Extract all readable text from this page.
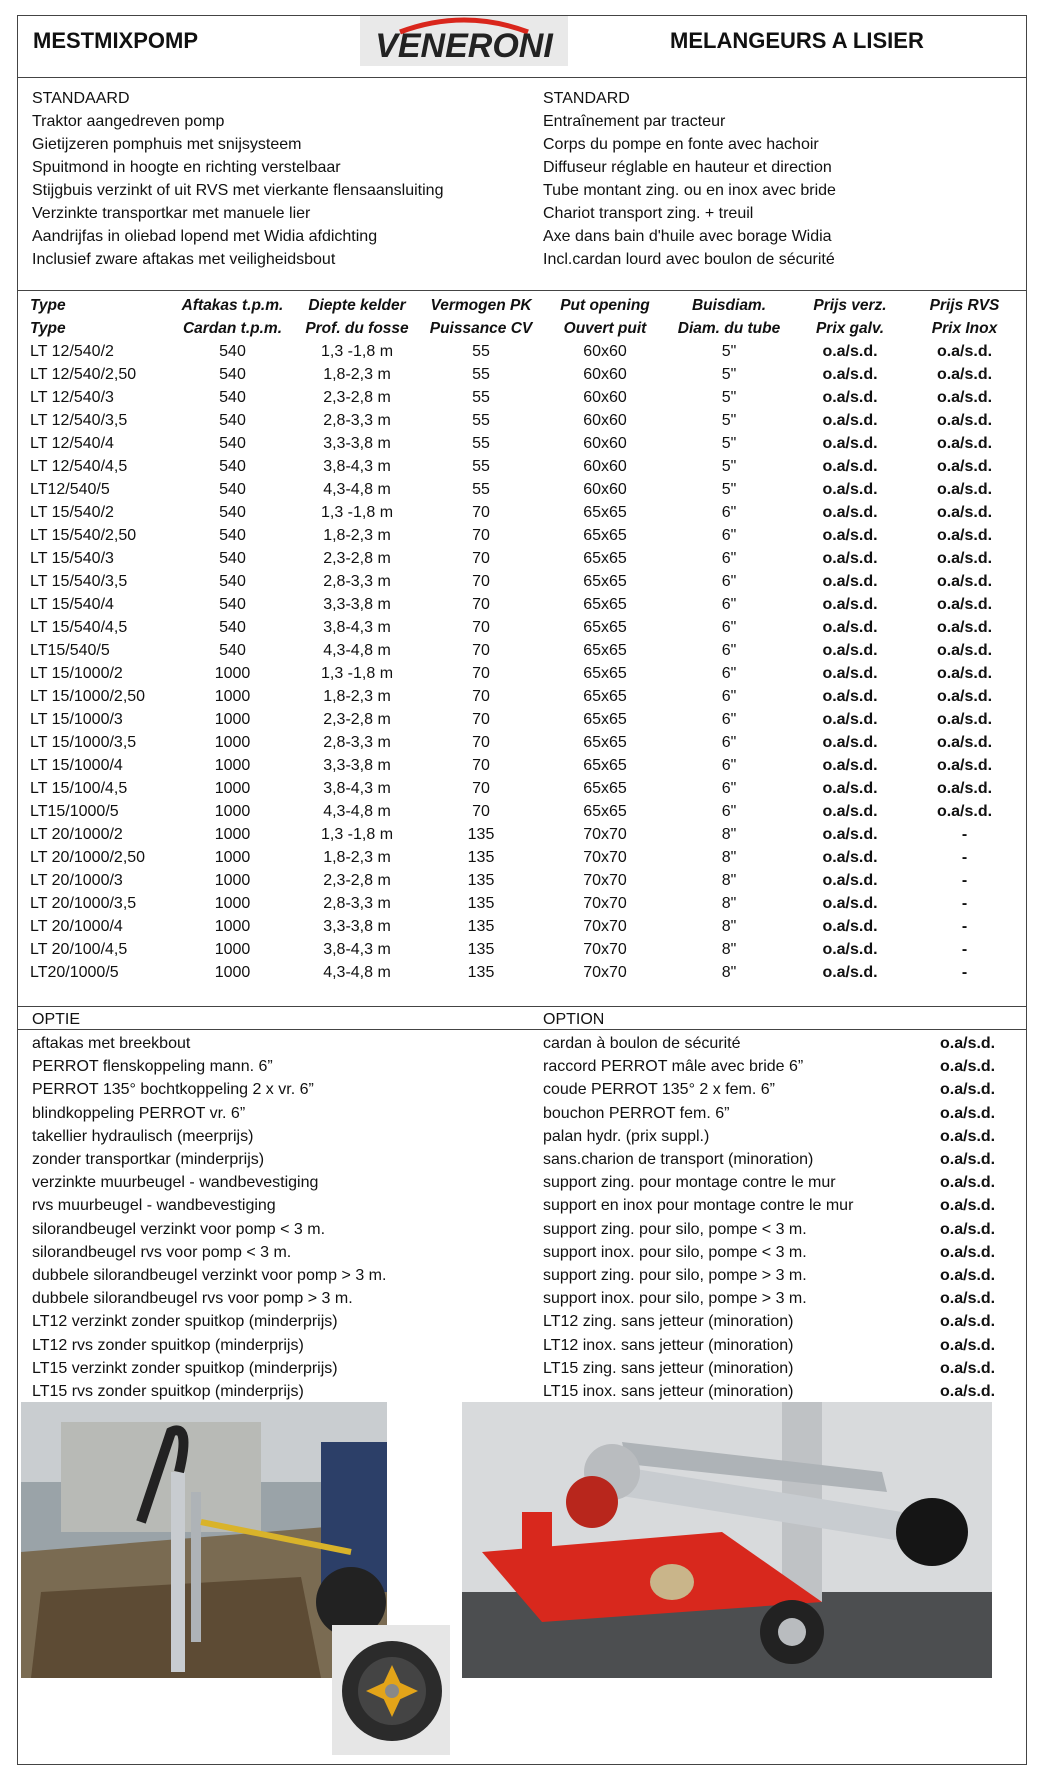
MESTMIXPOMP	VENERONI	MELANGEURS A LISIER
STANDAARD
Traktor aangedreven pomp
Gietijzeren pomphuis met snijsysteem
Spuitmond in hoogte en richting verstelbaar
Stijgbuis verzinkt of uit RVS met vierkante flensaansluiting
Verzinkte transportkar met manuele lier
Aandrijfas in oliebad lopend met Widia afdichting
Inclusief zware aftakas met veiligheidsbout
STANDARD
Entraînement par tracteur
Corps du pompe en fonte avec hachoir
Diffuseur réglable en hauteur et direction
Tube montant zing. ou en inox avec bride
Chariot transport zing. + treuil
Axe dans bain d'huile avec borage Widia
Incl.cardan lourd avec boulon de sécurité
Type	Aftakas t.p.m.	Diepte kelder	Vermogen PK	Put opening	Buisdiam.	Prijs verz.	Prijs RVS
Type	Cardan t.p.m.	Prof. du fosse	Puissance CV	Ouvert puit	Diam. du tube	Prix galv.	Prix Inox
LT 12/540/2	540	1,3 -1,8 m	55	60x60	5"	o.a/s.d.	o.a/s.d.
LT 12/540/2,50	540	1,8-2,3 m	55	60x60	5"	o.a/s.d.	o.a/s.d.
LT 12/540/3	540	2,3-2,8 m	55	60x60	5"	o.a/s.d.	o.a/s.d.
LT 12/540/3,5	540	2,8-3,3 m	55	60x60	5"	o.a/s.d.	o.a/s.d.
LT 12/540/4	540	3,3-3,8 m	55	60x60	5"	o.a/s.d.	o.a/s.d.
LT 12/540/4,5	540	3,8-4,3 m	55	60x60	5"	o.a/s.d.	o.a/s.d.
LT12/540/5	540	4,3-4,8 m	55	60x60	5"	o.a/s.d.	o.a/s.d.
LT 15/540/2	540	1,3 -1,8 m	70	65x65	6"	o.a/s.d.	o.a/s.d.
LT 15/540/2,50	540	1,8-2,3 m	70	65x65	6"	o.a/s.d.	o.a/s.d.
LT 15/540/3	540	2,3-2,8 m	70	65x65	6"	o.a/s.d.	o.a/s.d.
LT 15/540/3,5	540	2,8-3,3 m	70	65x65	6"	o.a/s.d.	o.a/s.d.
LT 15/540/4	540	3,3-3,8 m	70	65x65	6"	o.a/s.d.	o.a/s.d.
LT 15/540/4,5	540	3,8-4,3 m	70	65x65	6"	o.a/s.d.	o.a/s.d.
LT15/540/5	540	4,3-4,8 m	70	65x65	6"	o.a/s.d.	o.a/s.d.
LT 15/1000/2	1000	1,3 -1,8 m	70	65x65	6"	o.a/s.d.	o.a/s.d.
LT 15/1000/2,50	1000	1,8-2,3 m	70	65x65	6"	o.a/s.d.	o.a/s.d.
LT 15/1000/3	1000	2,3-2,8 m	70	65x65	6"	o.a/s.d.	o.a/s.d.
LT 15/1000/3,5	1000	2,8-3,3 m	70	65x65	6"	o.a/s.d.	o.a/s.d.
LT 15/1000/4	1000	3,3-3,8 m	70	65x65	6"	o.a/s.d.	o.a/s.d.
LT 15/100/4,5	1000	3,8-4,3 m	70	65x65	6"	o.a/s.d.	o.a/s.d.
LT15/1000/5	1000	4,3-4,8 m	70	65x65	6"	o.a/s.d.	o.a/s.d.
LT 20/1000/2	1000	1,3 -1,8 m	135	70x70	8"	o.a/s.d.	-
LT 20/1000/2,50	1000	1,8-2,3 m	135	70x70	8"	o.a/s.d.	-
LT 20/1000/3	1000	2,3-2,8 m	135	70x70	8"	o.a/s.d.	-
LT 20/1000/3,5	1000	2,8-3,3 m	135	70x70	8"	o.a/s.d.	-
LT 20/1000/4	1000	3,3-3,8 m	135	70x70	8"	o.a/s.d.	-
LT 20/100/4,5	1000	3,8-4,3 m	135	70x70	8"	o.a/s.d.	-
LT20/1000/5	1000	4,3-4,8 m	135	70x70	8"	o.a/s.d.	-
OPTIE	OPTION
aftakas met breekbout	cardan à boulon de sécurité	o.a/s.d.
PERROT flenskoppeling mann. 6”	raccord PERROT mâle avec bride 6”	o.a/s.d.
PERROT 135° bochtkoppeling 2 x vr. 6”	coude PERROT 135° 2 x fem. 6”	o.a/s.d.
blindkoppeling PERROT vr. 6”	bouchon PERROT fem. 6”	o.a/s.d.
takellier hydraulisch (meerprijs)	palan hydr. (prix suppl.)	o.a/s.d.
zonder transportkar (minderprijs)	sans.charion de transport (minoration)	o.a/s.d.
verzinkte muurbeugel - wandbevestiging	support zing. pour montage contre le mur	o.a/s.d.
rvs muurbeugel - wandbevestiging	support en inox pour montage contre le mur	o.a/s.d.
silorandbeugel verzinkt voor pomp < 3 m.	support zing. pour silo, pompe < 3 m.	o.a/s.d.
silorandbeugel rvs voor pomp < 3 m.	support inox. pour silo, pompe < 3 m.	o.a/s.d.
dubbele silorandbeugel verzinkt voor pomp > 3 m.	support zing. pour silo, pompe > 3 m.	o.a/s.d.
dubbele silorandbeugel rvs voor pomp > 3 m.	support inox. pour silo, pompe > 3 m.	o.a/s.d.
LT12 verzinkt zonder spuitkop (minderprijs)	LT12 zing. sans jetteur (minoration)	o.a/s.d.
LT12 rvs zonder spuitkop (minderprijs)	LT12 inox. sans jetteur (minoration)	o.a/s.d.
LT15 verzinkt zonder spuitkop (minderprijs)	LT15 zing. sans jetteur (minoration)	o.a/s.d.
LT15 rvs zonder spuitkop (minderprijs)	LT15 inox. sans jetteur (minoration)	o.a/s.d.
